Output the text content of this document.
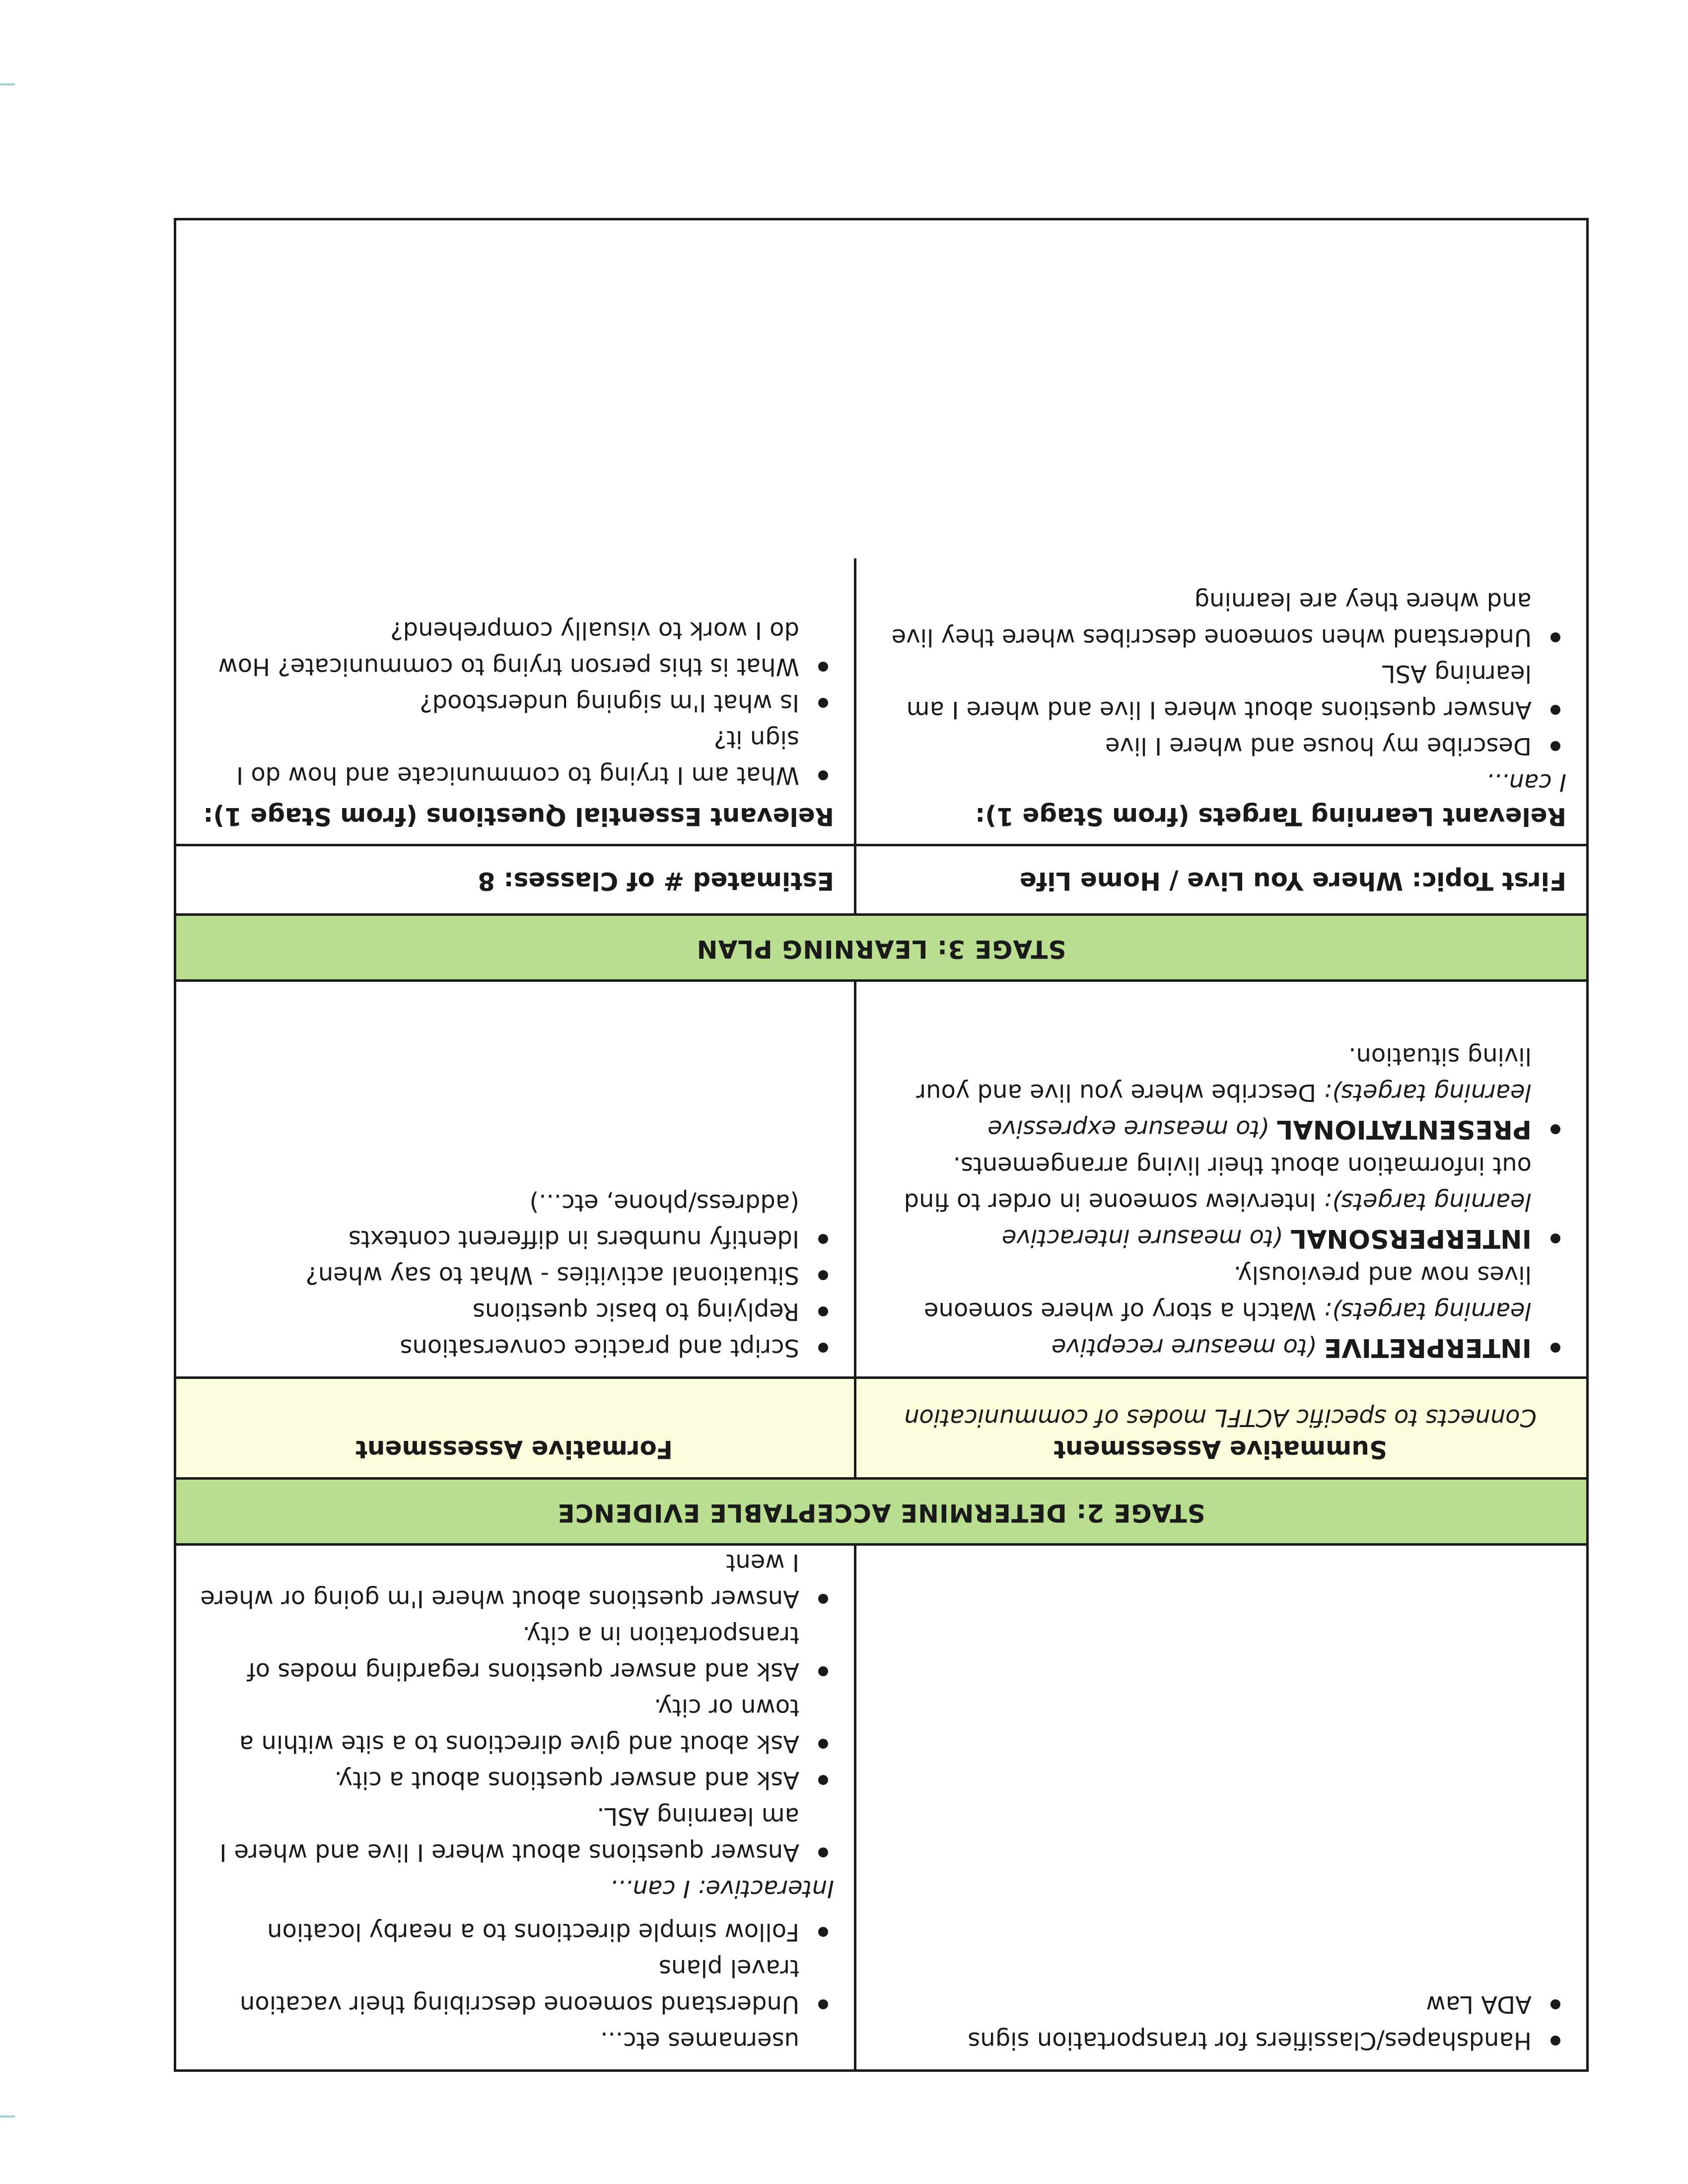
Handshapes/Classifiers for transportation signs
ADA Law
usernames etc...
Understand someone describing their vacation travel plans
Follow simple directions to a nearby location
Interactive: I can...
Answer questions about where I live and where I am learning ASL.
Ask and answer questions about a city.
Ask about and give directions to a site within a town or city.
Ask and answer questions regarding modes of transportation in a city.
Answer questions about where I'm going or where I went
STAGE 2: DETERMINE ACCEPTABLE EVIDENCE
Summative Assessment
Connects to specific ACTFL modes of communication
Formative Assessment
INTERPRETIVE (to measure receptive
learning targets): Watch a story of where someone lives now and previously.
INTERPERSONAL (to measure interactive
learning targets): Interview someone in order to find out information about their living arrangements.
PRESENTATIONAL (to measure expressive
learning targets): Describe where you live and your living situation.
Script and practice conversations
Replying to basic questions
Situational activities - What to say when?
Identify numbers in different contexts (address/phone, etc...)
STAGE 3: LEARNING PLAN
First Topic: Where You Live / Home Life
Estimated # of Classes: 8
Relevant Learning Targets (from Stage 1):
I can...
Describe my house and where I live
Answer questions about where I live and where I am learning ASL
Understand when someone describes where they live and where they are learning
Relevant Essential Questions (from Stage 1):
What am I trying to communicate and how do I sign it?
Is what I'm signing understood?
What is this person trying to communicate? How do I work to visually comprehend?
